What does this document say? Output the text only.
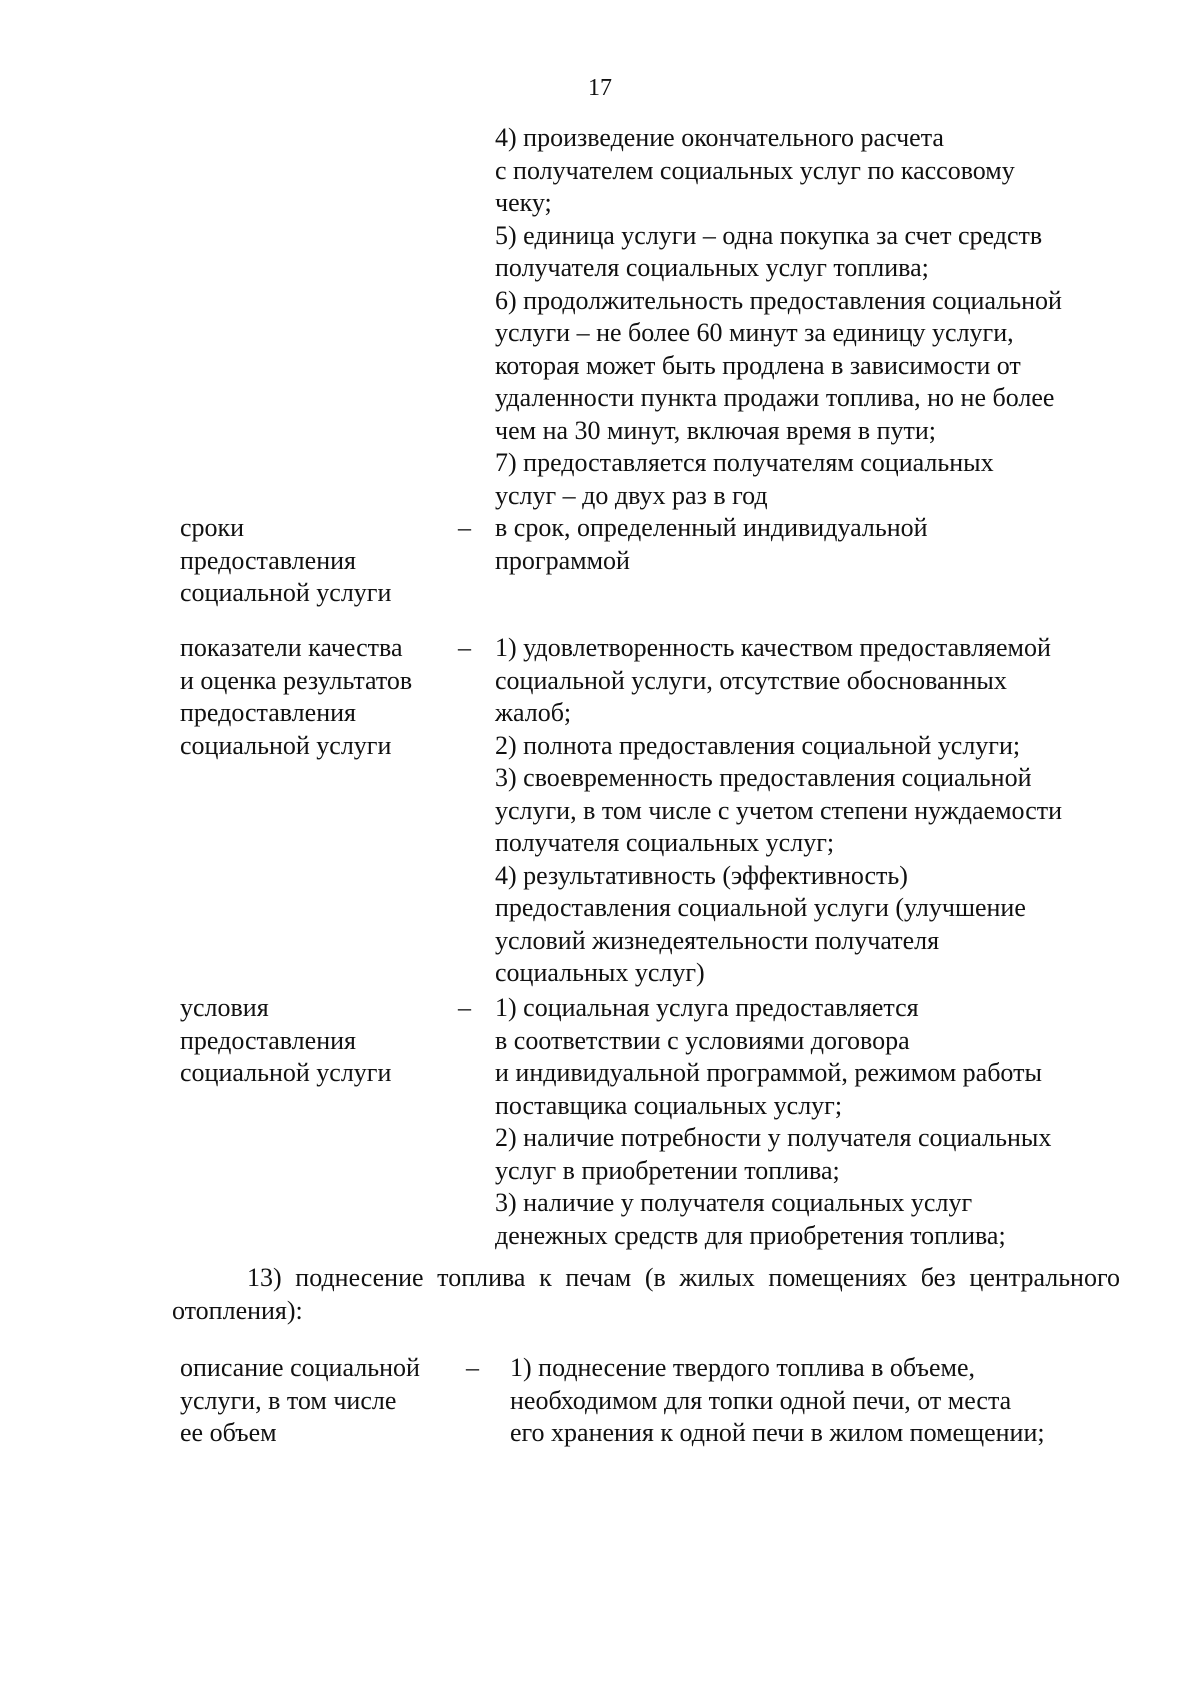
17
4) произведение окончательного расчета
с получателем социальных услуг по кассовому
чеку;
5) единица услуги – одна покупка за счет средств
получателя социальных услуг топлива;
6) продолжительность предоставления социальной
услуги – не более 60 минут за единицу услуги,
которая может быть продлена в зависимости от
удаленности пункта продажи топлива, но не более
чем на 30 минут, включая время в пути;
7) предоставляется получателям социальных
услуг – до двух раз в год
сроки
предоставления
социальной услуги
– в срок, определенный индивидуальной
программой
показатели качества
и оценка результатов
предоставления
социальной услуги
– 1) удовлетворенность качеством предоставляемой
социальной услуги, отсутствие обоснованных
жалоб;
2) полнота предоставления социальной услуги;
3) своевременность предоставления социальной
услуги, в том числе с учетом степени нуждаемости
получателя социальных услуг;
4) результативность (эффективность)
предоставления социальной услуги (улучшение
условий жизнедеятельности получателя
социальных услуг)
условия
предоставления
социальной услуги
– 1) социальная услуга предоставляется
в соответствии с условиями договора
и индивидуальной программой, режимом работы
поставщика социальных услуг;
2) наличие потребности у получателя социальных
услуг в приобретении топлива;
3) наличие у получателя социальных услуг
денежных средств для приобретения топлива;
13) поднесение топлива к печам (в жилых помещениях без центрального отопления):
описание социальной
услуги, в том числе
ее объем
– 1) поднесение твердого топлива в объеме,
необходимом для топки одной печи, от места
его хранения к одной печи в жилом помещении;
